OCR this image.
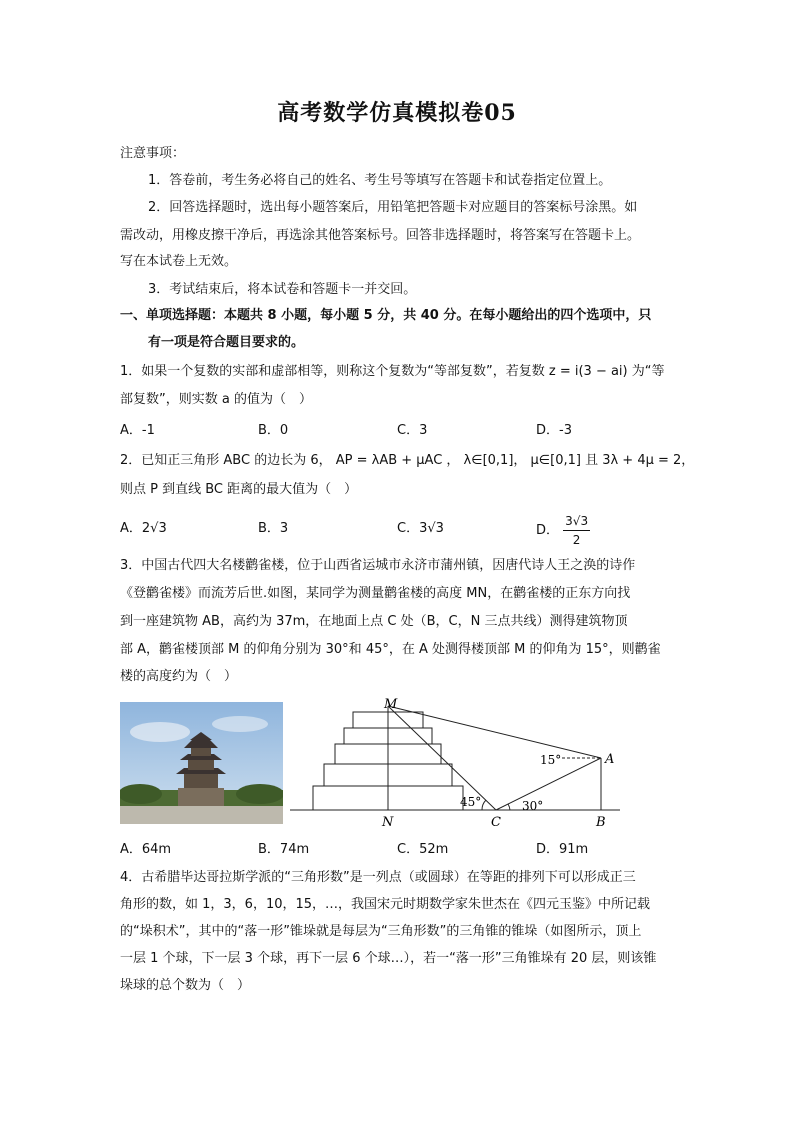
高考数学仿真模拟卷05
注意事项：
1．答卷前，考生务必将自己的姓名、考生号等填写在答题卡和试卷指定位置上。
2．回答选择题时，选出每小题答案后，用铅笔把答题卡对应题目的答案标号涂黑。如
需改动，用橡皮擦干净后，再选涂其他答案标号。回答非选择题时，将答案写在答题卡上。
写在本试卷上无效。
3．考试结束后，将本试卷和答题卡一并交回。
一、单项选择题：本题共 8 小题，每小题 5 分，共 40 分。在每小题给出的四个选项中，只
有一项是符合题目要求的。
1．如果一个复数的实部和虚部相等，则称这个复数为“等部复数”，若复数 z = i(3 − ai) 为“等
部复数”，则实数 a 的值为（　）
A．-1	B．0	C．3	D．-3
2．已知正三角形 ABC 的边长为 6， AP = λAB + μAC ， λ∈[0,1]， μ∈[0,1] 且 3λ + 4μ = 2，
则点 P 到直线 BC 距离的最大值为（　）
A．2√3	B．3	C．3√3	D． $\frac{3√3}{2}$
3．中国古代四大名楼鹳雀楼，位于山西省运城市永济市蒲州镇，因唐代诗人王之涣的诗作
《登鹳雀楼》而流芳后世.如图，某同学为测量鹳雀楼的高度 MN，在鹳雀楼的正东方向找
到一座建筑物 AB，高约为 37m，在地面上点 C 处（B，C，N 三点共线）测得建筑物顶
部 A，鹳雀楼顶部 M 的仰角分别为 30°和 45°，在 A 处测得楼顶部 M 的仰角为 15°，则鹳雀
楼的高度约为（　）
M
A
N	C	B
15°
45°	30°
A．64m	B．74m	C．52m	D．91m
4．古希腊毕达哥拉斯学派的“三角形数”是一列点（或圆球）在等距的排列下可以形成正三
角形的数，如 1，3，6，10，15，…，我国宋元时期数学家朱世杰在《四元玉鉴》中所记载
的“垛积术”，其中的“落一形”锥垛就是每层为“三角形数”的三角锥的锥垛（如图所示，顶上
一层 1 个球，下一层 3 个球，再下一层 6 个球…），若一“落一形”三角锥垛有 20 层，则该锥
垛球的总个数为（　）
